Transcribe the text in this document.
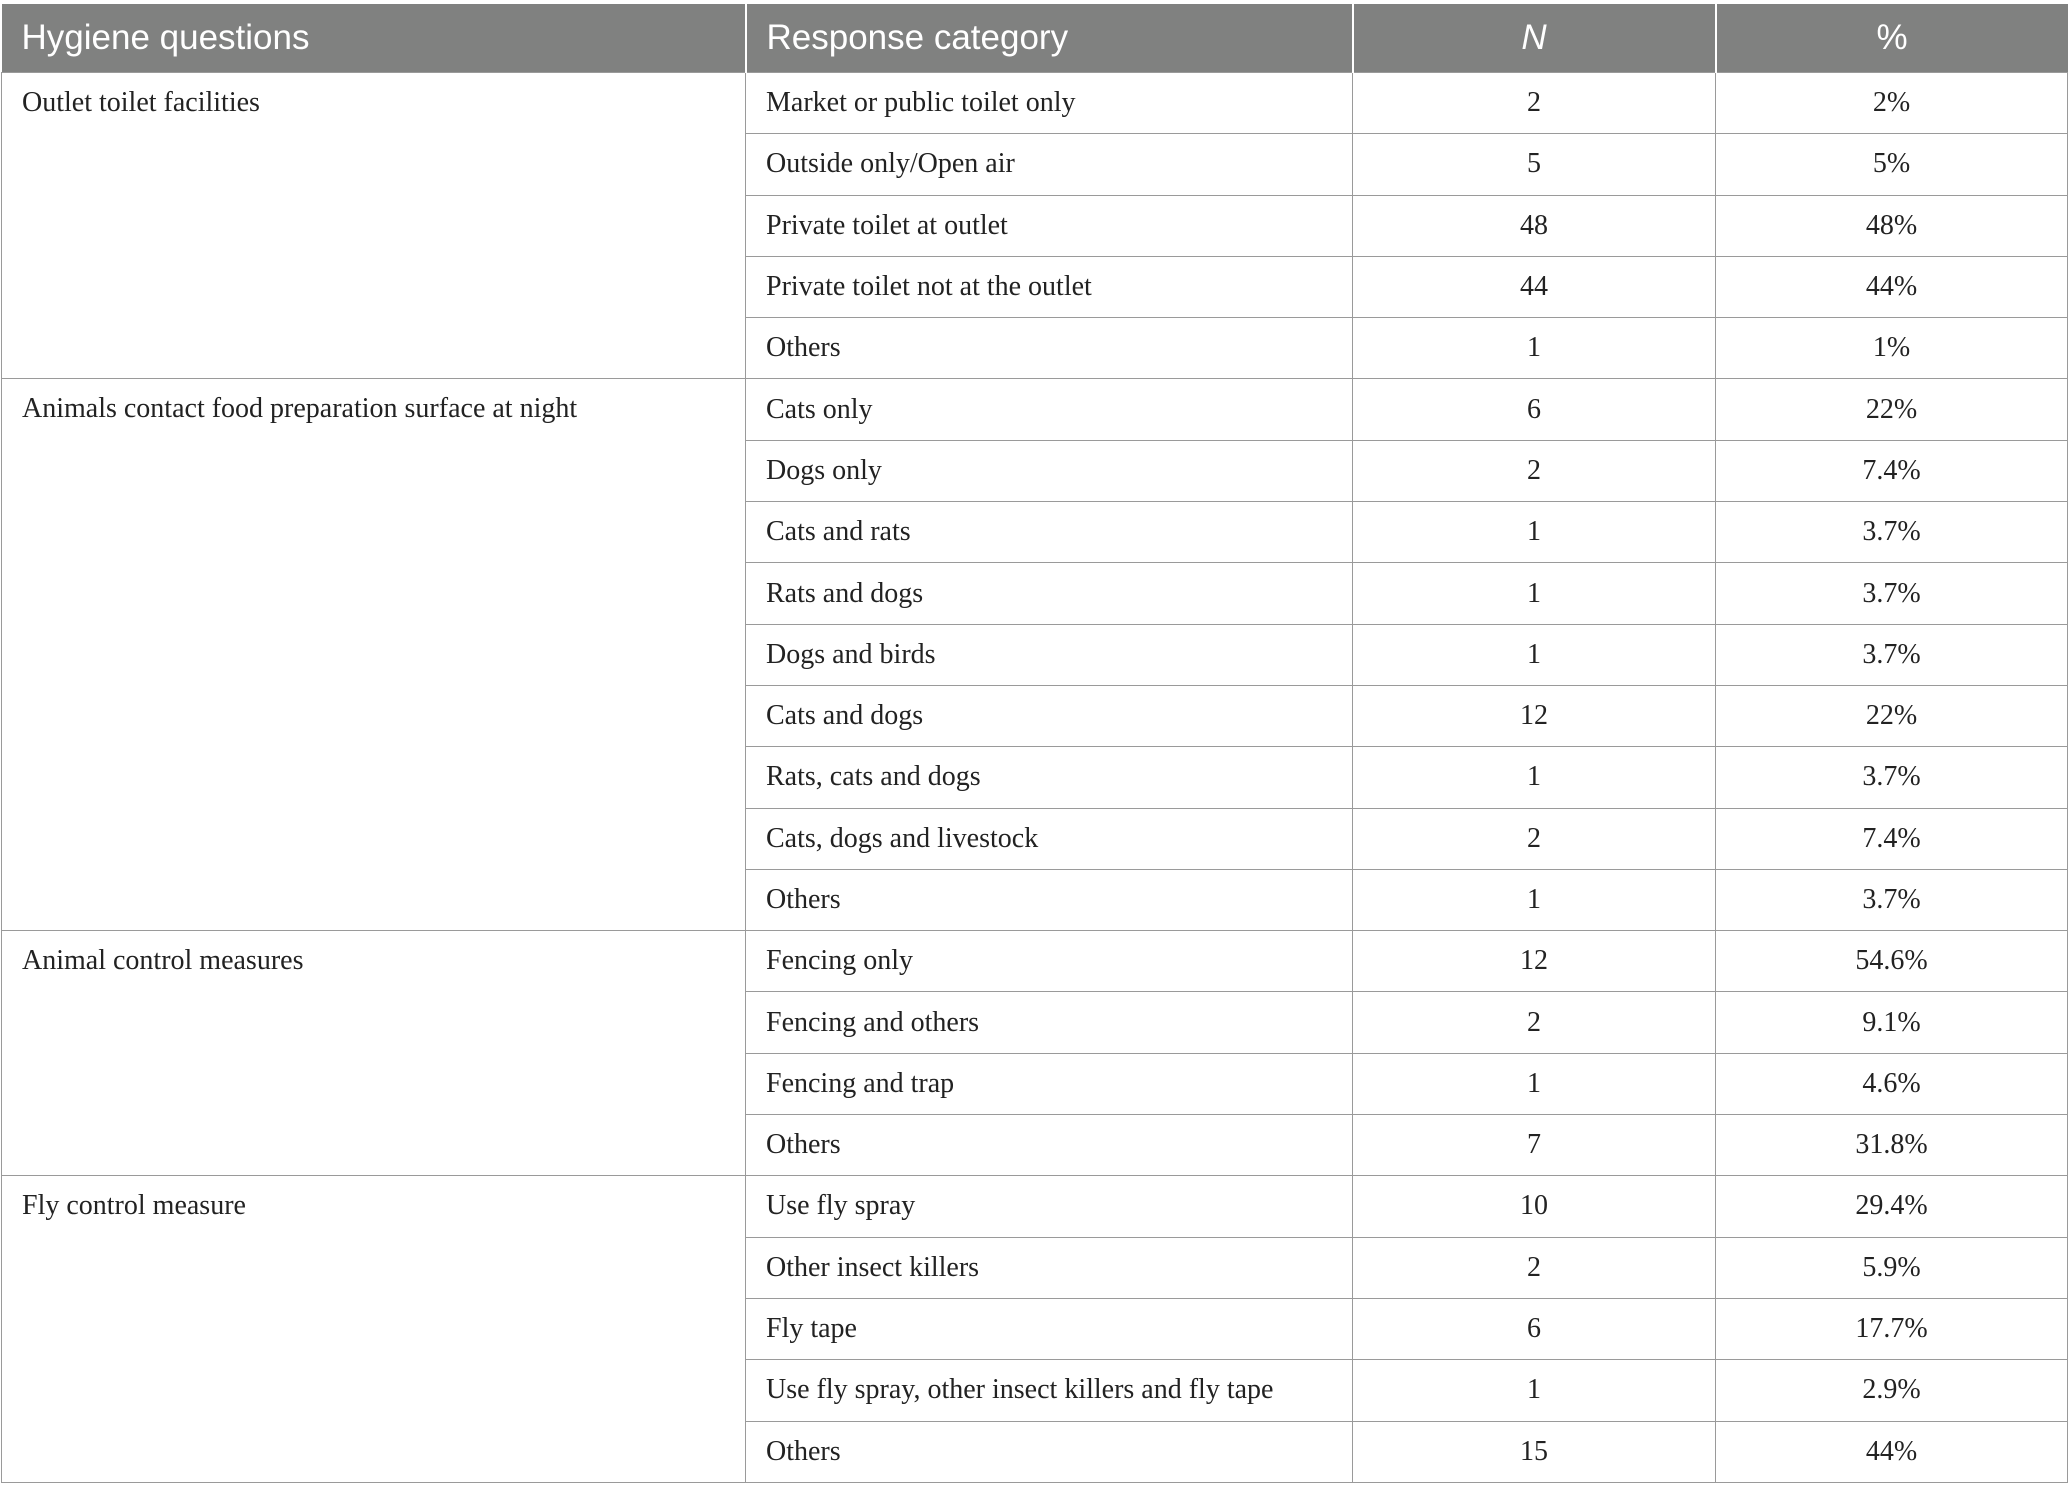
Hygiene questions	Response category	N	%
Outlet toilet facilities	Market or public toilet only	2	2%
	Outside only/Open air	5	5%
	Private toilet at outlet	48	48%
	Private toilet not at the outlet	44	44%
	Others	1	1%
Animals contact food preparation surface at night	Cats only	6	22%
	Dogs only	2	7.4%
	Cats and rats	1	3.7%
	Rats and dogs	1	3.7%
	Dogs and birds	1	3.7%
	Cats and dogs	12	22%
	Rats, cats and dogs	1	3.7%
	Cats, dogs and livestock	2	7.4%
	Others	1	3.7%
Animal control measures	Fencing only	12	54.6%
	Fencing and others	2	9.1%
	Fencing and trap	1	4.6%
	Others	7	31.8%
Fly control measure	Use fly spray	10	29.4%
	Other insect killers	2	5.9%
	Fly tape	6	17.7%
	Use fly spray, other insect killers and fly tape	1	2.9%
	Others	15	44%
